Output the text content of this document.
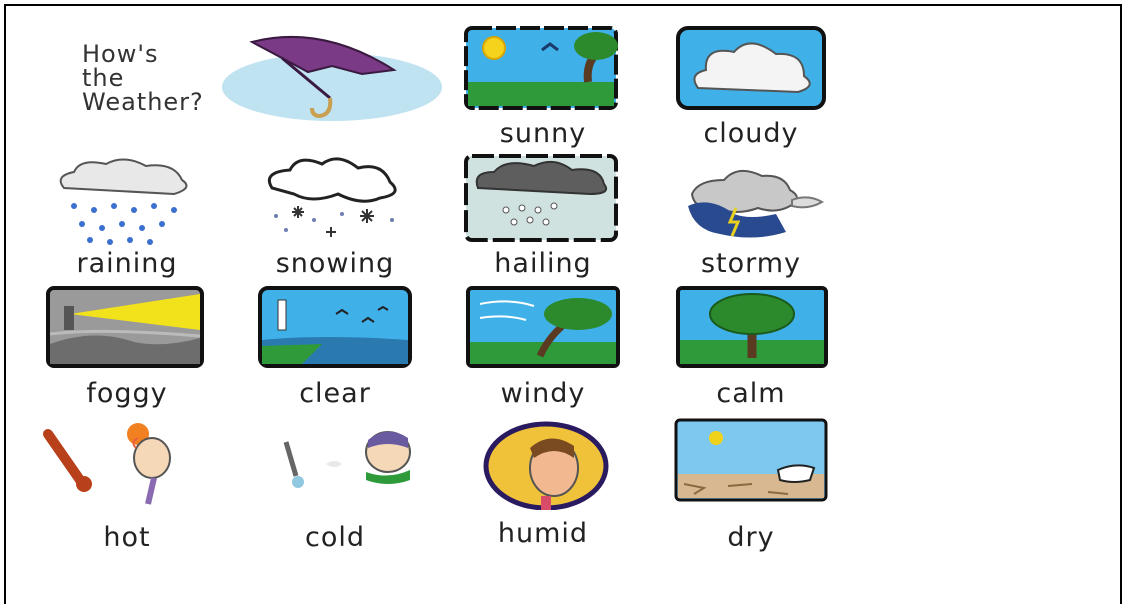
How's
the
Weather?
sunny	cloudy
raining	snowing	hailing	stormy
foggy	clear	windy	calm
hot	cold	humid	dry
